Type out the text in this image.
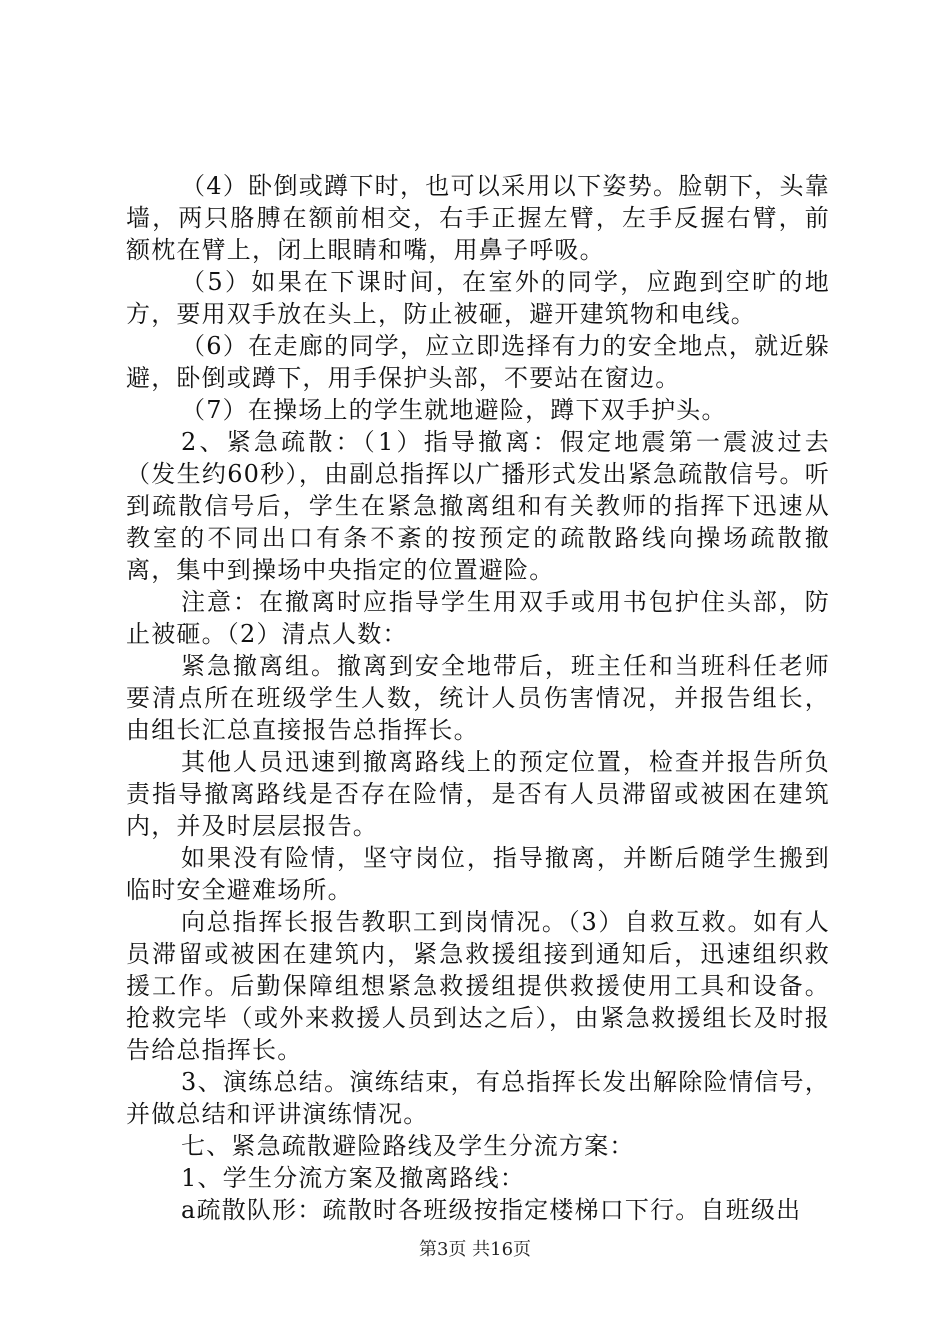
（4）卧倒或蹲下时，也可以采用以下姿势。脸朝下，头靠墙，两只胳膊在额前相交，右手正握左臂，左手反握右臂，前额枕在臂上，闭上眼睛和嘴，用鼻子呼吸。

（5）如果在下课时间，在室外的同学，应跑到空旷的地方，要用双手放在头上，防止被砸，避开建筑物和电线。

（6）在走廊的同学，应立即选择有力的安全地点，就近躲避，卧倒或蹲下，用手保护头部，不要站在窗边。

（7）在操场上的学生就地避险，蹲下双手护头。

2、紧急疏散：（1）指导撤离：假定地震第一震波过去（发生约60秒），由副总指挥以广播形式发出紧急疏散信号。听到疏散信号后，学生在紧急撤离组和有关教师的指挥下迅速从教室的不同出口有条不紊的按预定的疏散路线向操场疏散撤离，集中到操场中央指定的位置避险。

注意：在撤离时应指导学生用双手或用书包护住头部，防止被砸。（2）清点人数：

紧急撤离组。撤离到安全地带后，班主任和当班科任老师要清点所在班级学生人数，统计人员伤害情况，并报告组长，由组长汇总直接报告总指挥长。

其他人员迅速到撤离路线上的预定位置，检查并报告所负责指导撤离路线是否存在险情，是否有人员滞留或被困在建筑内，并及时层层报告。

如果没有险情，坚守岗位，指导撤离，并断后随学生搬到临时安全避难场所。

向总指挥长报告教职工到岗情况。（3）自救互救。如有人员滞留或被困在建筑内，紧急救援组接到通知后，迅速组织救援工作。后勤保障组想紧急救援组提供救援使用工具和设备。抢救完毕（或外来救援人员到达之后），由紧急救援组长及时报告给总指挥长。

3、演练总结。演练结束，有总指挥长发出解除险情信号，并做总结和评讲演练情况。

七、紧急疏散避险路线及学生分流方案：

1、学生分流方案及撤离路线：

a疏散队形：疏散时各班级按指定楼梯口下行。自班级出

第3页 共16页
